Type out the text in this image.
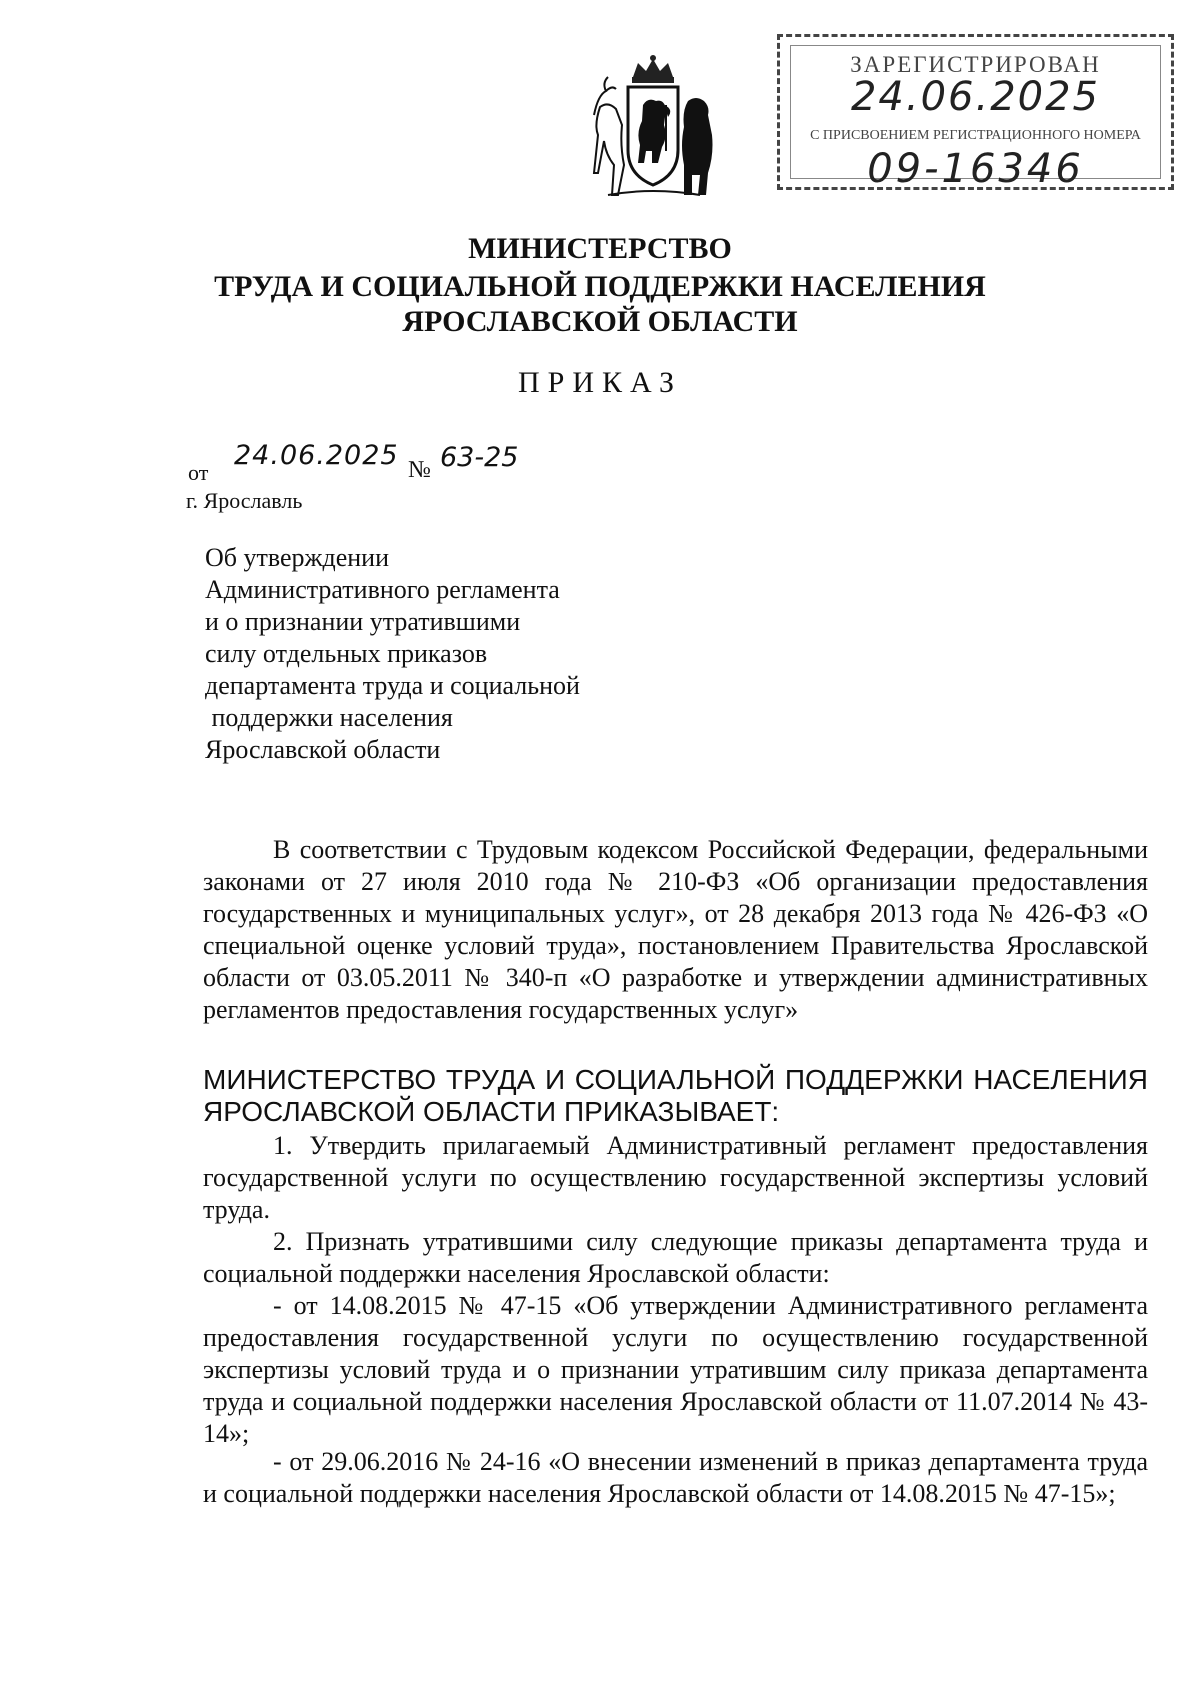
ЗАРЕГИСТРИРОВАН
24.06.2025
С ПРИСВОЕНИЕМ РЕГИСТРАЦИОННОГО НОМЕРА
09-16346
МИНИСТЕРСТВО
ТРУДА И СОЦИАЛЬНОЙ ПОДДЕРЖКИ НАСЕЛЕНИЯ
ЯРОСЛАВСКОЙ ОБЛАСТИ
ПРИКАЗ
от
24.06.2025 № 63-25
г. Ярославль
Об утверждении
Административного регламента
и о признании утратившими
силу отдельных приказов
департамента труда и социальной
поддержки населения
Ярославской области
В соответствии с Трудовым кодексом Российской Федерации, федеральными законами от 27 июля 2010 года № 210-ФЗ «Об организации предоставления государственных и муниципальных услуг», от 28 декабря 2013 года № 426-ФЗ «О специальной оценке условий труда», постановлением Правительства Ярославской области от 03.05.2011 № 340-п «О разработке и утверждении административных регламентов предоставления государственных услуг»
МИНИСТЕРСТВО ТРУДА И СОЦИАЛЬНОЙ ПОДДЕРЖКИ НАСЕЛЕНИЯ ЯРОСЛАВСКОЙ ОБЛАСТИ ПРИКАЗЫВАЕТ:
1. Утвердить прилагаемый Административный регламент предоставления государственной услуги по осуществлению государственной экспертизы условий труда.
2. Признать утратившими силу следующие приказы департамента труда и социальной поддержки населения Ярославской области:
- от 14.08.2015 № 47-15 «Об утверждении Административного регламента предоставления государственной услуги по осуществлению государственной экспертизы условий труда и о признании утратившим силу приказа департамента труда и социальной поддержки населения Ярославской области от 11.07.2014 № 43-14»;
- от 29.06.2016 № 24-16 «О внесении изменений в приказ департамента труда и социальной поддержки населения Ярославской области от 14.08.2015 № 47-15»;
